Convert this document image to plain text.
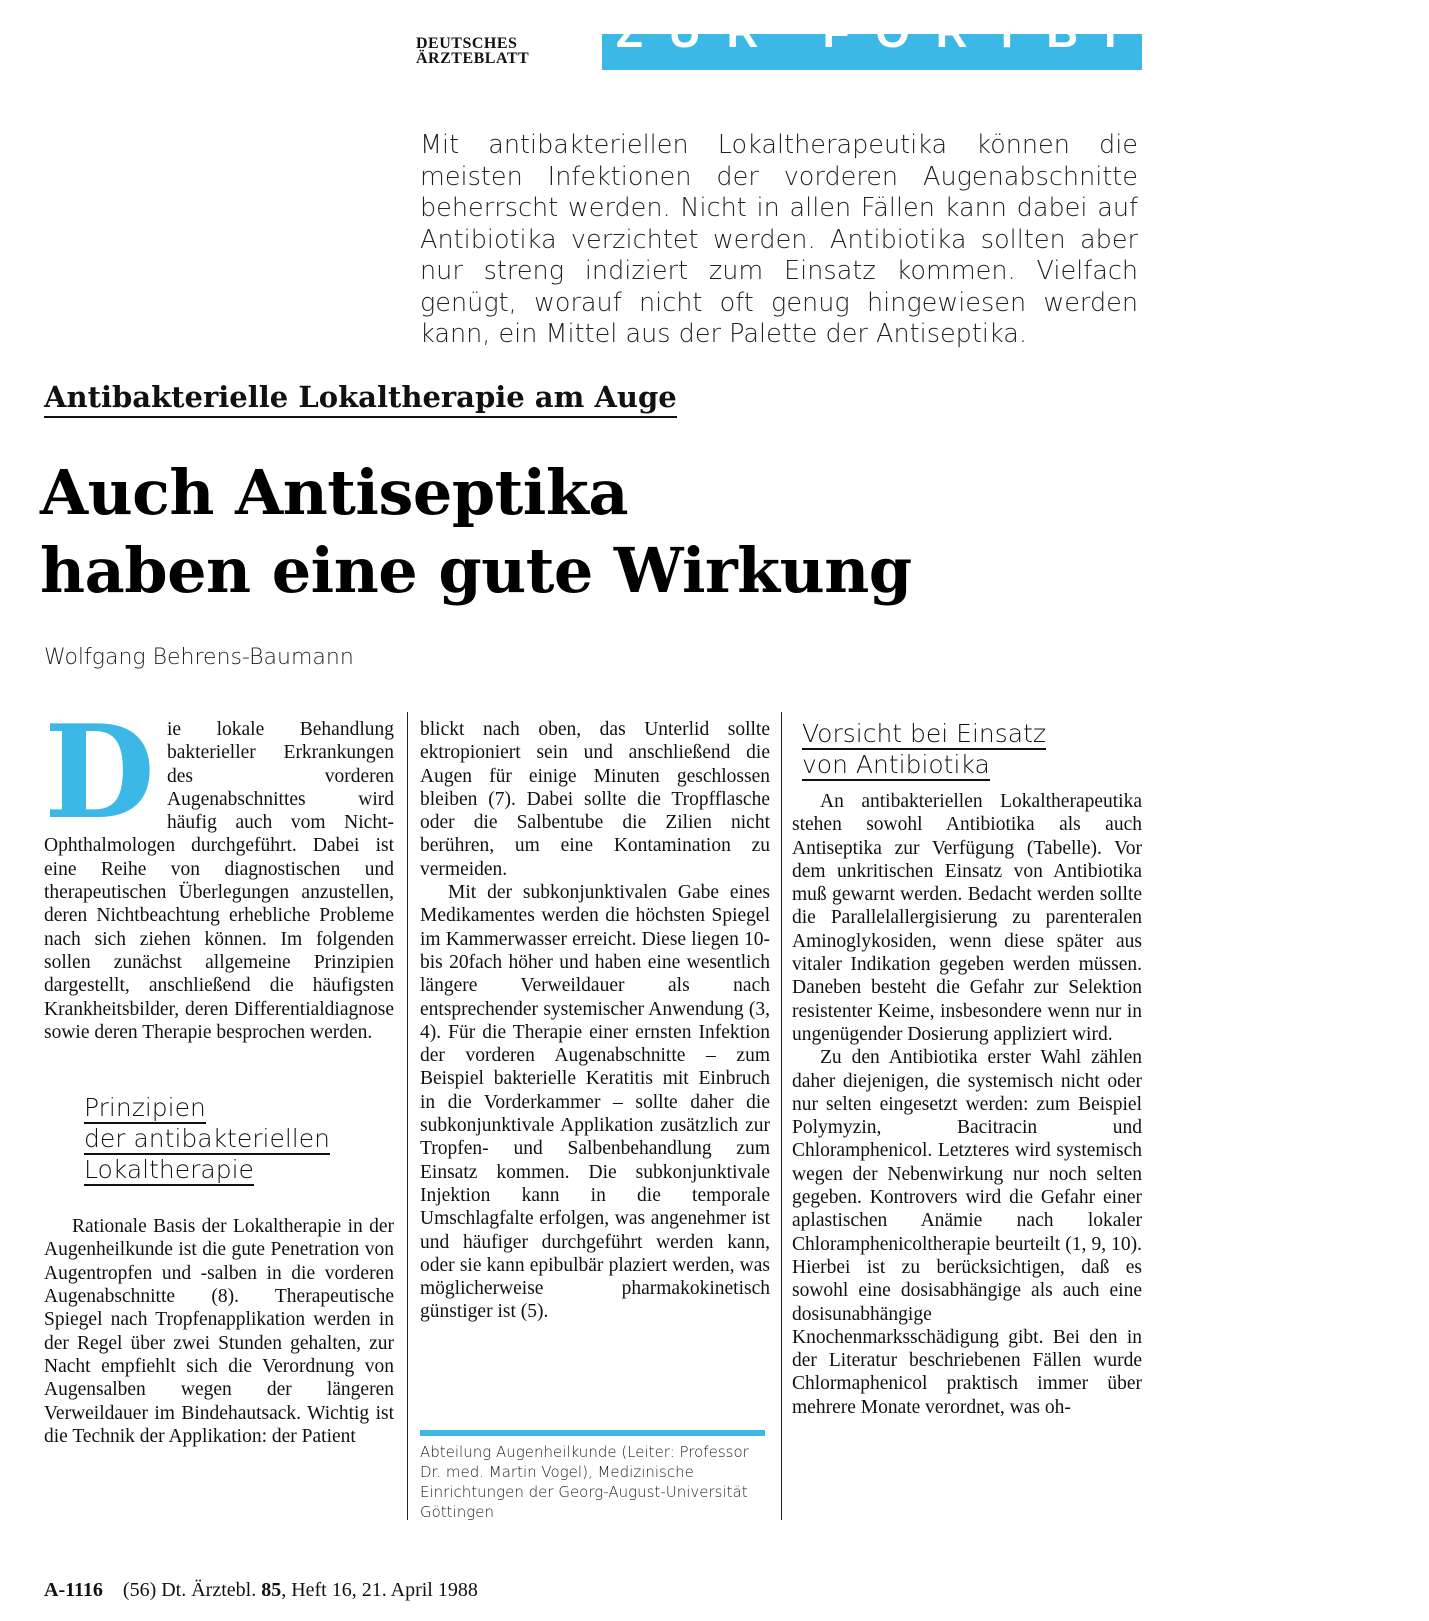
DEUTSCHES
ÄRZTEBLATT
ZUR FORTBILDUNG

Mit antibakteriellen Lokaltherapeutika können die meisten Infektionen der vorderen Augenabschnitte beherrscht werden. Nicht in allen Fällen kann dabei auf Antibiotika verzichtet werden. Antibiotika sollten aber nur streng indiziert zum Einsatz kommen. Vielfach genügt, worauf nicht oft genug hingewiesen werden kann, ein Mittel aus der Palette der Antiseptika.

Antibakterielle Lokaltherapie am Auge
Auch Antiseptika
haben eine gute Wirkung
Wolfgang Behrens-Baumann
D ie lokale Behandlung bakterieller Erkrankungen des vorderen Augenabschnittes wird häufig auch vom Nicht-Ophthalmologen durchgeführt. Dabei ist eine Reihe von diagnostischen und therapeutischen Überlegungen anzustellen, deren Nichtbeachtung erhebliche Probleme nach sich ziehen können. Im folgenden sollen zunächst allgemeine Prinzipien dargestellt, anschließend die häufigsten Krankheitsbilder, deren Differentialdiagnose sowie deren Therapie besprochen werden.

Prinzipien
der antibakteriellen
Lokaltherapie

Rationale Basis der Lokaltherapie in der Augenheilkunde ist die gute Penetration von Augentropfen und -salben in die vorderen Augenabschnitte (8). Therapeutische Spiegel nach Tropfenapplikation werden in der Regel über zwei Stunden gehalten, zur Nacht empfiehlt sich die Verordnung von Augensalben wegen der längeren Verweildauer im Bindehautsack. Wichtig ist die Technik der Applikation: der Patient

blickt nach oben, das Unterlid sollte ektropioniert sein und anschließend die Augen für einige Minuten geschlossen bleiben (7). Dabei sollte die Tropfflasche oder die Salbentube die Zilien nicht berühren, um eine Kontamination zu vermeiden.

Mit der subkonjunktivalen Gabe eines Medikamentes werden die höchsten Spiegel im Kammerwasser erreicht. Diese liegen 10- bis 20fach höher und haben eine wesentlich längere Verweildauer als nach entsprechender systemischer Anwendung (3, 4). Für die Therapie einer ernsten Infektion der vorderen Augenabschnitte – zum Beispiel bakterielle Keratitis mit Einbruch in die Vorderkammer – sollte daher die subkonjunktivale Applikation zusätzlich zur Tropfen- und Salbenbehandlung zum Einsatz kommen. Die subkonjunktivale Injektion kann in die temporale Umschlagfalte erfolgen, was angenehmer ist und häufiger durchgeführt werden kann, oder sie kann epibulbär plaziert werden, was möglicherweise pharmakokinetisch günstiger ist (5).

Abteilung Augenheilkunde (Leiter: Professor Dr. med. Martin Vogel), Medizinische Einrichtungen der Georg-August-Universität Göttingen

Vorsicht bei Einsatz
von Antibiotika

An antibakteriellen Lokaltherapeutika stehen sowohl Antibiotika als auch Antiseptika zur Verfügung (Tabelle). Vor dem unkritischen Einsatz von Antibiotika muß gewarnt werden. Bedacht werden sollte die Parallelallergisierung zu parenteralen Aminoglykosiden, wenn diese später aus vitaler Indikation gegeben werden müssen. Daneben besteht die Gefahr zur Selektion resistenter Keime, insbesondere wenn nur in ungenügender Dosierung appliziert wird.

Zu den Antibiotika erster Wahl zählen daher diejenigen, die systemisch nicht oder nur selten eingesetzt werden: zum Beispiel Polymyzin, Bacitracin und Chloramphenicol. Letzteres wird systemisch wegen der Nebenwirkung nur noch selten gegeben. Kontrovers wird die Gefahr einer aplastischen Anämie nach lokaler Chloramphenicoltherapie beurteilt (1, 9, 10). Hierbei ist zu berücksichtigen, daß es sowohl eine dosisabhängige als auch eine dosisunabhängige Knochenmarksschädigung gibt. Bei den in der Literatur beschriebenen Fällen wurde Chlormaphenicol praktisch immer über mehrere Monate verordnet, was oh-

A-1116 (56) Dt. Ärztebl. 85, Heft 16, 21. April 1988
